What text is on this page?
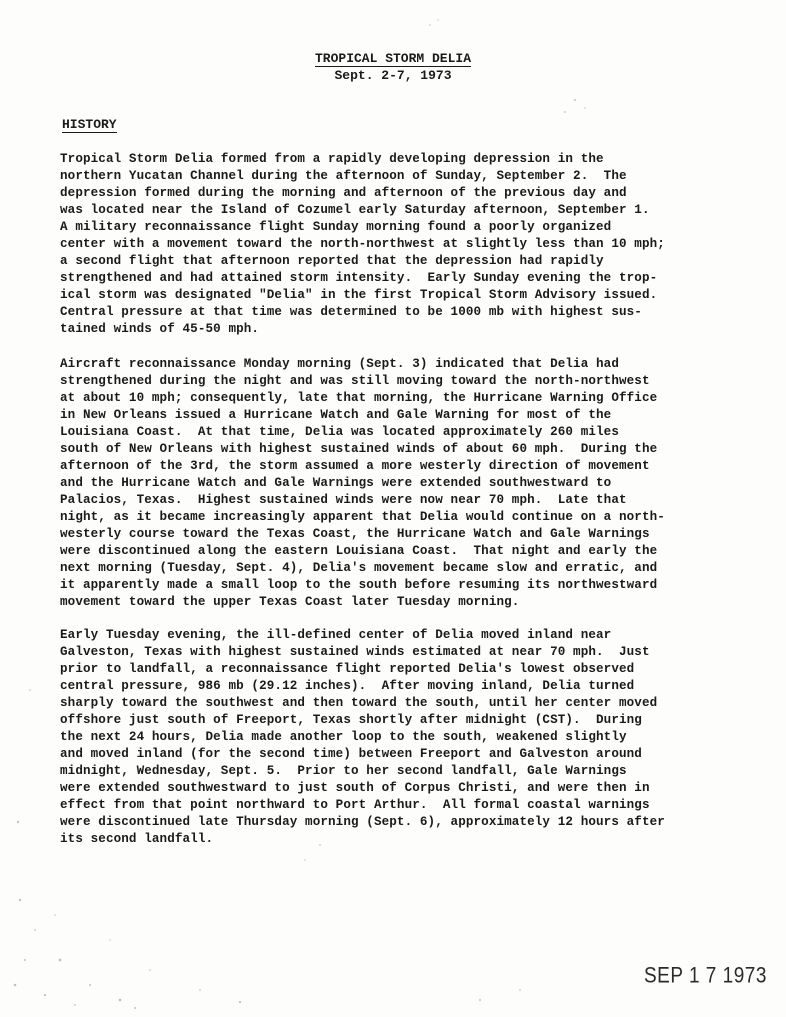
TROPICAL STORM DELIA
Sept. 2-7, 1973
HISTORY
Tropical Storm Delia formed from a rapidly developing depression in the
northern Yucatan Channel during the afternoon of Sunday, September 2.  The
depression formed during the morning and afternoon of the previous day and
was located near the Island of Cozumel early Saturday afternoon, September 1.
A military reconnaissance flight Sunday morning found a poorly organized
center with a movement toward the north-northwest at slightly less than 10 mph;
a second flight that afternoon reported that the depression had rapidly
strengthened and had attained storm intensity.  Early Sunday evening the trop-
ical storm was designated "Delia" in the first Tropical Storm Advisory issued.
Central pressure at that time was determined to be 1000 mb with highest sus-
tained winds of 45-50 mph.
Aircraft reconnaissance Monday morning (Sept. 3) indicated that Delia had
strengthened during the night and was still moving toward the north-northwest
at about 10 mph; consequently, late that morning, the Hurricane Warning Office
in New Orleans issued a Hurricane Watch and Gale Warning for most of the
Louisiana Coast.  At that time, Delia was located approximately 260 miles
south of New Orleans with highest sustained winds of about 60 mph.  During the
afternoon of the 3rd, the storm assumed a more westerly direction of movement
and the Hurricane Watch and Gale Warnings were extended southwestward to
Palacios, Texas.  Highest sustained winds were now near 70 mph.  Late that
night, as it became increasingly apparent that Delia would continue on a north-
westerly course toward the Texas Coast, the Hurricane Watch and Gale Warnings
were discontinued along the eastern Louisiana Coast.  That night and early the
next morning (Tuesday, Sept. 4), Delia's movement became slow and erratic, and
it apparently made a small loop to the south before resuming its northwestward
movement toward the upper Texas Coast later Tuesday morning.
Early Tuesday evening, the ill-defined center of Delia moved inland near
Galveston, Texas with highest sustained winds estimated at near 70 mph.  Just
prior to landfall, a reconnaissance flight reported Delia's lowest observed
central pressure, 986 mb (29.12 inches).  After moving inland, Delia turned
sharply toward the southwest and then toward the south, until her center moved
offshore just south of Freeport, Texas shortly after midnight (CST).  During
the next 24 hours, Delia made another loop to the south, weakened slightly
and moved inland (for the second time) between Freeport and Galveston around
midnight, Wednesday, Sept. 5.  Prior to her second landfall, Gale Warnings
were extended southwestward to just south of Corpus Christi, and were then in
effect from that point northward to Port Arthur.  All formal coastal warnings
were discontinued late Thursday morning (Sept. 6), approximately 12 hours after
its second landfall.
SEP 1 7 1973
